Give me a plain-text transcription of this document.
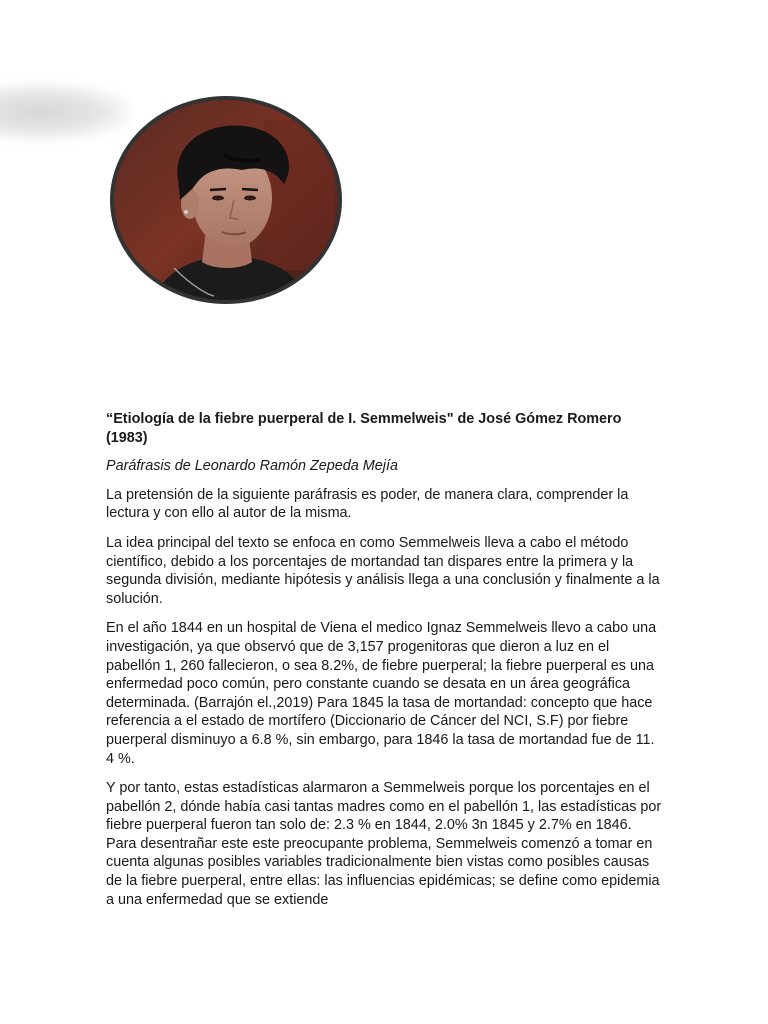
“Etiología de la fiebre puerperal de I. Semmelweis" de José Gómez Romero (1983)

Paráfrasis de Leonardo Ramón Zepeda Mejía

La pretensión de la siguiente paráfrasis es poder, de manera clara, comprender la lectura y con ello al autor de la misma.

La idea principal del texto se enfoca en como Semmelweis lleva a cabo el método científico, debido a los porcentajes de mortandad tan dispares entre la primera y la segunda división, mediante hipótesis y análisis llega a una conclusión y finalmente a la solución.

En el año 1844 en un hospital de Viena el medico Ignaz Semmelweis llevo a cabo una investigación, ya que observó que de 3,157 progenitoras que dieron a luz en el pabellón 1, 260 fallecieron, o sea 8.2%, de fiebre puerperal; la fiebre puerperal es una enfermedad poco común, pero constante cuando se desata en un área geográfica determinada. (Barrajón el.,2019) Para 1845 la tasa de mortandad: concepto que hace referencia a el estado de mortífero (Diccionario de Cáncer del NCI, S.F) por fiebre puerperal disminuyo a 6.8 %, sin embargo, para 1846 la tasa de mortandad fue de 11. 4 %.

Y por tanto, estas estadísticas alarmaron a Semmelweis porque los porcentajes en el pabellón 2, dónde había casi tantas madres como en el pabellón 1, las estadísticas por fiebre puerperal fueron tan solo de: 2.3 % en 1844, 2.0% 3n 1845 y 2.7% en 1846. Para desentrañar este este preocupante problema, Semmelweis comenzó a tomar en cuenta algunas posibles variables tradicionalmente bien vistas como posibles causas de la fiebre puerperal, entre ellas: las influencias epidémicas; se define como epidemia a una enfermedad que se extiende
